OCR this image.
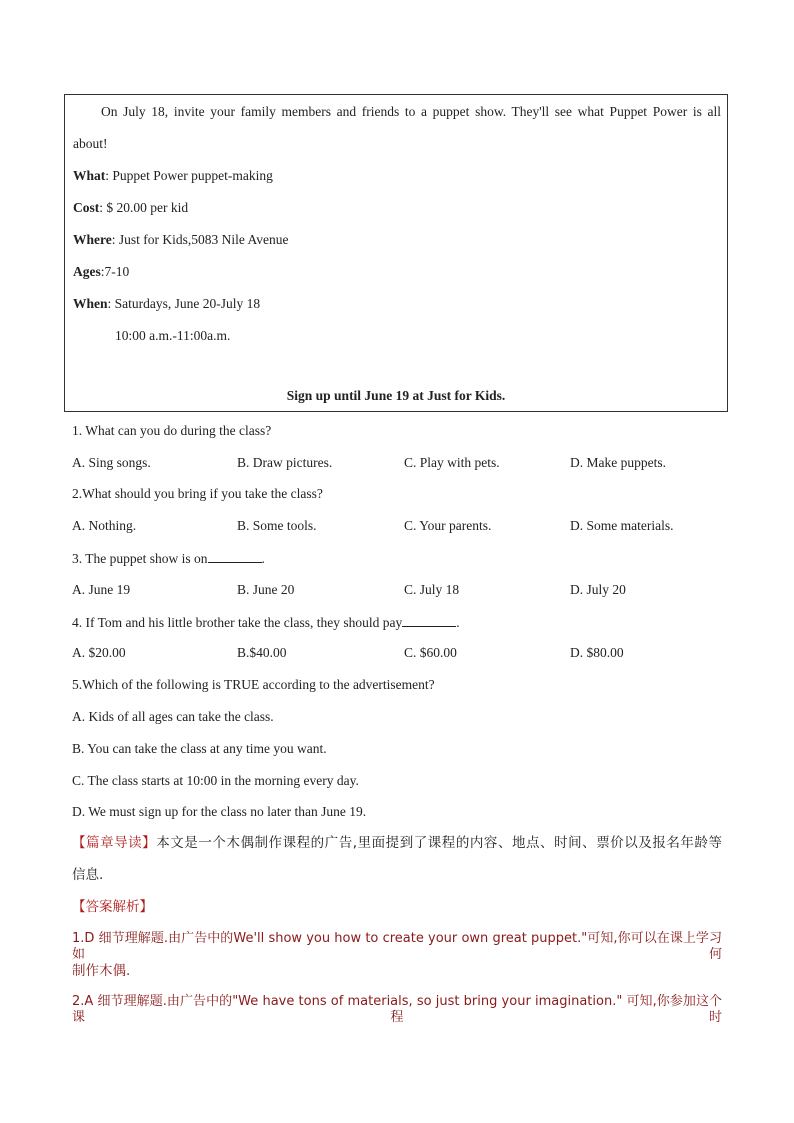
On July 18, invite your family members and friends to a puppet show. They'll see what Puppet Power is all
about!
What: Puppet Power puppet-making
Cost: $ 20.00 per kid
Where: Just for Kids,5083 Nile Avenue
Ages:7-10
When: Saturdays, June 20-July 18
10:00 a.m.-11:00a.m.
Sign up until June 19 at Just for Kids.
1. What can you do during the class?
A. Sing songs.	B. Draw pictures.	C. Play with pets.	D. Make puppets.
2.What should you bring if you take the class?
A. Nothing.	B. Some tools.	C. Your parents.	D. Some materials.
3. The puppet show is on	.
A. June 19	B. June 20	C. July 18	D. July 20
4. If Tom and his little brother take the class, they should pay	.
A. $20.00	B.$40.00	C. $60.00	D. $80.00
5.Which of the following is TRUE according to the advertisement?
A. Kids of all ages can take the class.
B. You can take the class at any time you want.
C. The class starts at 10:00 in the morning every day.
D. We must sign up for the class no later than June 19.
【篇章导读】本文是一个木偶制作课程的广告,里面提到了课程的内容、地点、时间、票价以及报名年龄等
信息.
【答案解析】
1.D 细节理解题.由广告中的We'll show you how to create your own great puppet."可知,你可以在课上学习如何
制作木偶.
2.A 细节理解题.由广告中的"We have tons of materials, so just bring your imagination." 可知,你参加这个课程时
